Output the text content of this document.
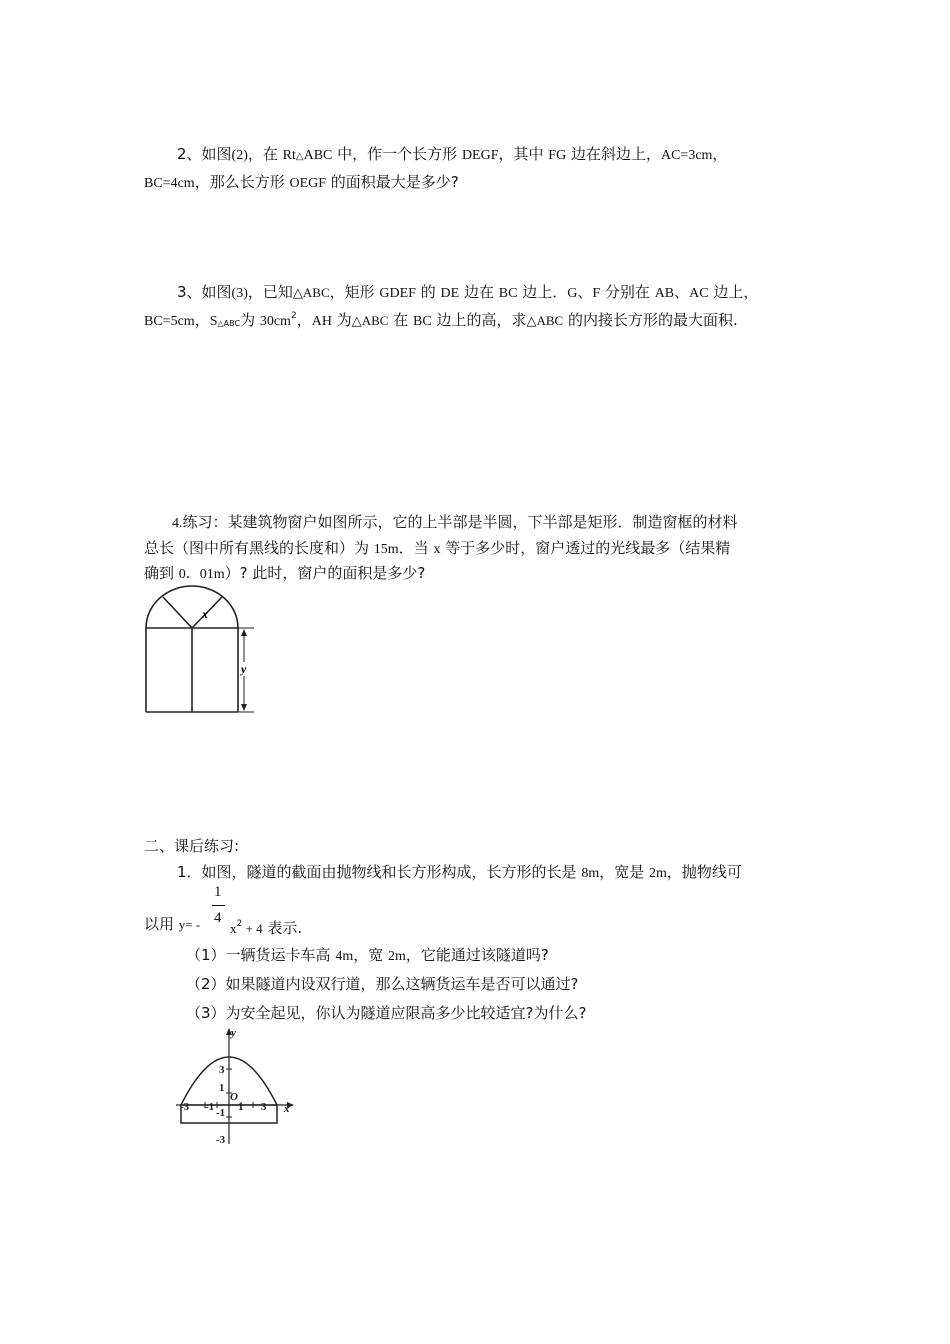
2、如图(2)，在 Rt△ABC 中，作一个长方形 DEGF，其中 FG 边在斜边上，AC=3cm，
BC=4cm，那么长方形 OEGF 的面积最大是多少?
3、如图(3)，已知△ABC，矩形 GDEF 的 DE 边在 BC 边上．G、F 分别在 AB、AC 边上，
BC=5cm，S△ABC为 $30cm^2$，AH 为△ABC 在 BC 边上的高，求△ABC 的内接长方形的最大面积.
4.练习：某建筑物窗户如图所示，它的上半部是半圆，下半部是矩形．制造窗框的材料
总长（图中所有黑线的长度和）为 15m．当 x 等于多少时，窗户透过的光线最多（结果精
确到 0．01m）? 此时，窗户的面积是多少?
y
x
二、课后练习:
1．如图，隧道的截面由抛物线和长方形构成，长方形的长是 8m，宽是 2m，抛物线可
1
4
以用 $y= - x^2 + 4$ 表示.
（1）一辆货运卡车高 4m，宽 2m，它能通过该隧道吗?
（2）如果隧道内设双行道，那么这辆货运车是否可以通过?
（3）为安全起见，你认为隧道应限高多少比较适宜?为什么?
y
x
O
3
1
-1
-3
-3 -1 1 3
